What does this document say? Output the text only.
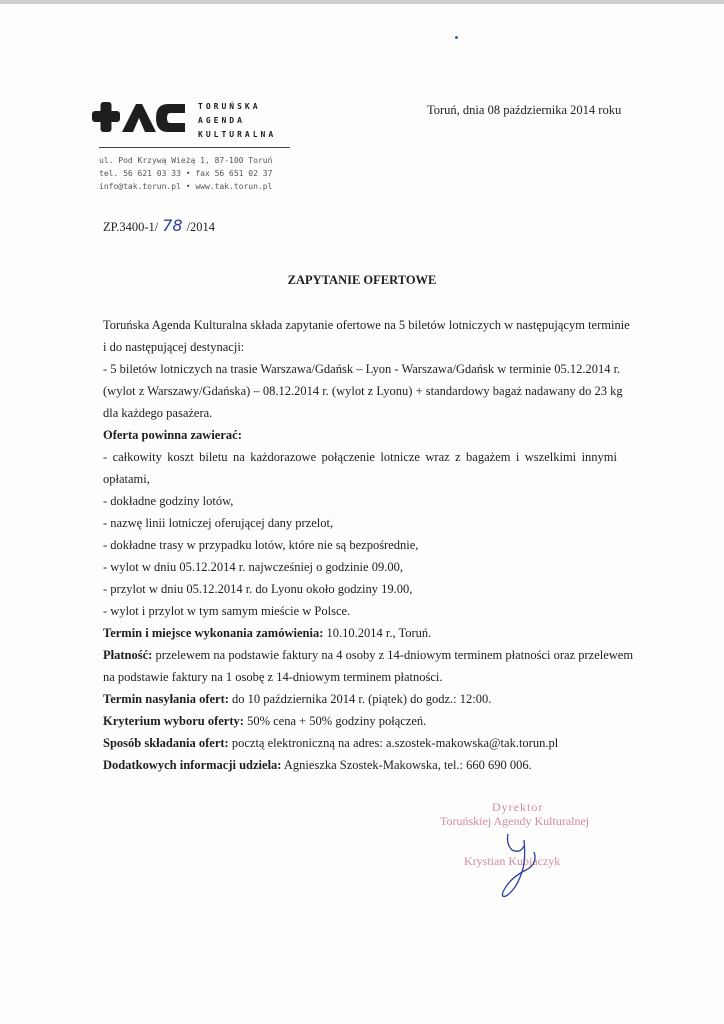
TORUŃSKA
AGENDA
KULTURALNA
ul. Pod Krzywą Wieżą 1, 87-100 Toruń
tel. 56 621 03 33 • fax 56 651 02 37
info@tak.torun.pl • www.tak.torun.pl
Toruń, dnia 08 października 2014 roku
ZP.3400-1/ 78 /2014
ZAPYTANIE OFERTOWE

Toruńska Agenda Kulturalna składa zapytanie ofertowe na 5 biletów lotniczych w następującym terminie

i do następującej destynacji:

- 5 biletów lotniczych na trasie Warszawa/Gdańsk – Lyon - Warszawa/Gdańsk w terminie 05.12.2014 r.

(wylot z Warszawy/Gdańska) – 08.12.2014 r. (wylot z Lyonu) + standardowy bagaż nadawany do 23 kg

dla każdego pasażera.

Oferta powinna zawierać:

- całkowity koszt biletu na każdorazowe połączenie lotnicze wraz z bagażem i wszelkimi innymi

opłatami,

- dokładne godziny lotów,

- nazwę linii lotniczej oferującej dany przelot,

- dokładne trasy w przypadku lotów, które nie są bezpośrednie,

- wylot w dniu 05.12.2014 r. najwcześniej o godzinie 09.00,

- przylot w dniu 05.12.2014 r. do Lyonu około godziny 19.00,

- wylot i przylot w tym samym mieście w Polsce.

Termin i miejsce wykonania zamówienia: 10.10.2014 r., Toruń.

Płatność: przelewem na podstawie faktury na 4 osoby z 14-dniowym terminem płatności oraz przelewem

na podstawie faktury na 1 osobę z 14-dniowym terminem płatności.

Termin nasyłania ofert: do 10 października 2014 r. (piątek) do godz.: 12:00.

Kryterium wyboru oferty: 50% cena + 50% godziny połączeń.

Sposób składania ofert: pocztą elektroniczną na adres: a.szostek-makowska@tak.torun.pl

Dodatkowych informacji udziela: Agnieszka Szostek-Makowska, tel.: 660 690 006.

Dyrektor
Toruńskiej Agendy Kulturalnej
Krystian Kubjaczyk
